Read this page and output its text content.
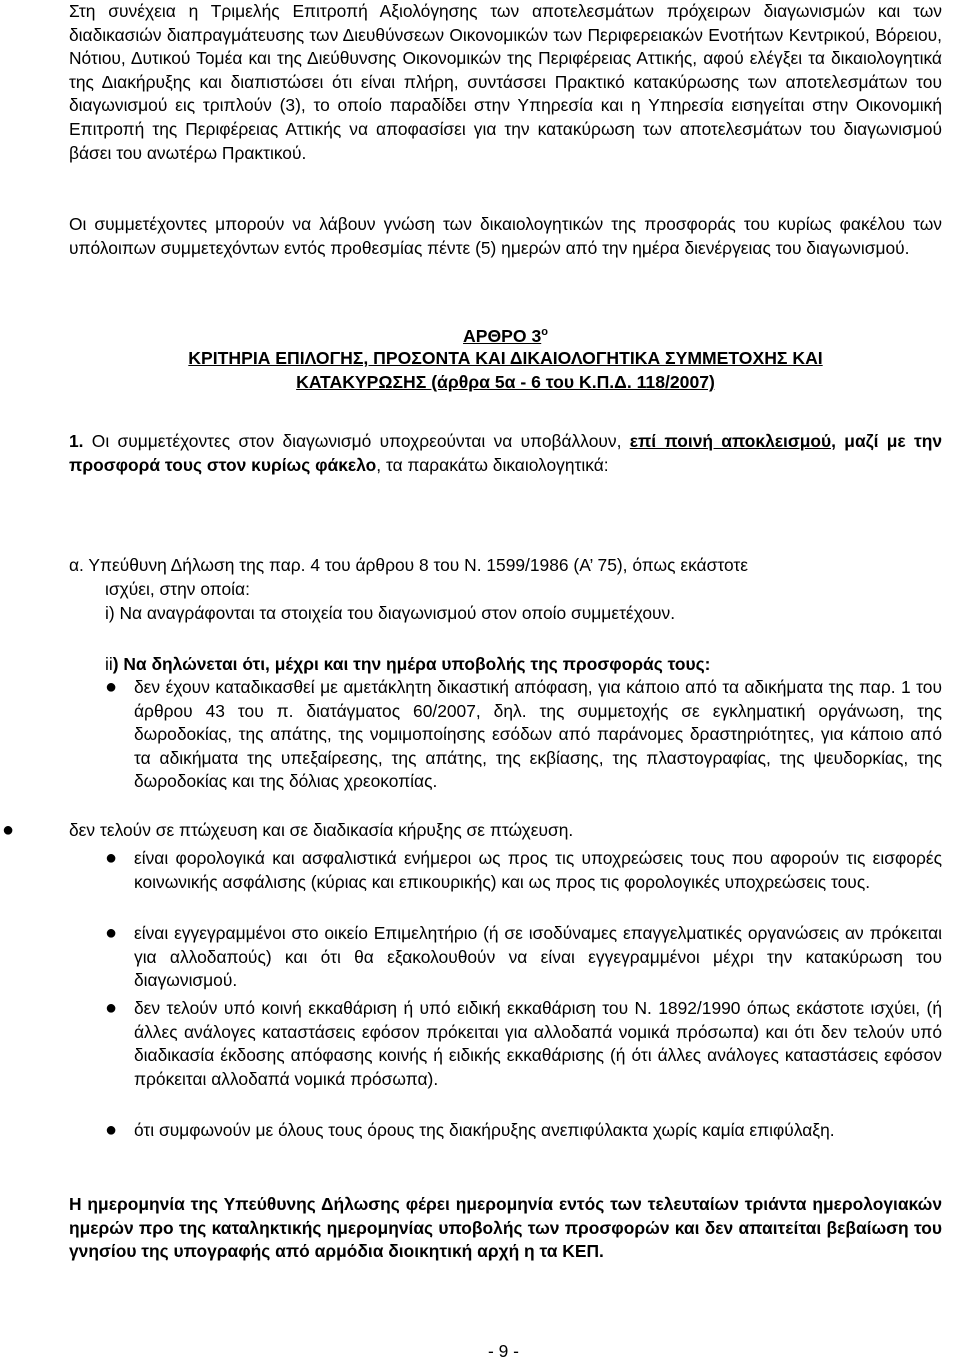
Στη συνέχεια η Τριμελής Επιτροπή Αξιολόγησης των αποτελεσμάτων πρόχειρων διαγωνισμών και των διαδικασιών διαπραγμάτευσης των Διευθύνσεων Οικονομικών των Περιφερειακών Ενοτήτων Κεντρικού, Βόρειου, Νότιου, Δυτικού Τομέα και της Διεύθυνσης Οικονομικών της Περιφέρειας Αττικής, αφού ελέγξει τα δικαιολογητικά της Διακήρυξης και διαπιστώσει ότι είναι πλήρη, συντάσσει Πρακτικό κατακύρωσης των αποτελεσμάτων του διαγωνισμού εις τριπλούν (3), το οποίο παραδίδει στην Υπηρεσία και η Υπηρεσία εισηγείται στην Οικονομική Επιτροπή της Περιφέρειας Αττικής να αποφασίσει για την κατακύρωση των αποτελεσμάτων του διαγωνισμού βάσει του ανωτέρω Πρακτικού.

Οι συμμετέχοντες μπορούν να λάβουν γνώση των δικαιολογητικών της προσφοράς του κυρίως φακέλου των υπόλοιπων συμμετεχόντων εντός προθεσμίας πέντε (5) ημερών από την ημέρα διενέργειας του διαγωνισμού.

ΑΡΘΡΟ $3^o$
ΚΡΙΤΗΡΙΑ ΕΠΙΛΟΓΗΣ, ΠΡΟΣΟΝΤΑ ΚΑΙ ΔΙΚΑΙΟΛΟΓΗΤΙΚΑ ΣΥΜΜΕΤΟΧΗΣ ΚΑΙ
ΚΑΤΑΚΥΡΩΣΗΣ (άρθρα 5α - 6 του Κ.Π.Δ. 118/2007)

1. Οι συμμετέχοντες στον διαγωνισμό υποχρεούνται να υποβάλλουν, επί ποινή αποκλεισμού, μαζί με την προσφορά τους στον κυρίως φάκελο, τα παρακάτω δικαιολογητικά:

α. Υπεύθυνη Δήλωση της παρ. 4 του άρθρου 8 του Ν. 1599/1986 (Α’ 75), όπως εκάστοτε

ισχύει, στην οποία:

i) Να αναγράφονται τα στοιχεία του διαγωνισμού στον οποίο συμμετέχουν.

ii) Να δηλώνεται ότι, μέχρι και την ημέρα υποβολής της προσφοράς τους:

● δεν έχουν καταδικασθεί με αμετάκλητη δικαστική απόφαση, για κάποιο από τα αδικήματα της παρ. 1 του άρθρου 43 του π. διατάγματος 60/2007, δηλ. της συμμετοχής σε εγκληματική οργάνωση, της δωροδοκίας, της απάτης, της νομιμοποίησης εσόδων από παράνομες δραστηριότητες, για κάποιο από τα αδικήματα της υπεξαίρεσης, της απάτης, της εκβίασης, της πλαστογραφίας, της ψευδορκίας, της δωροδοκίας και της δόλιας χρεοκοπίας.

●	δεν τελούν σε πτώχευση και σε διαδικασία κήρυξης σε πτώχευση.

● είναι φορολογικά και ασφαλιστικά ενήμεροι ως προς τις υποχρεώσεις τους που αφορούν τις εισφορές κοινωνικής ασφάλισης (κύριας και επικουρικής) και ως προς τις φορολογικές υποχρεώσεις τους.

● είναι εγγεγραμμένοι στο οικείο Επιμελητήριο (ή σε ισοδύναμες επαγγελματικές οργανώσεις αν πρόκειται για αλλοδαπούς) και ότι θα εξακολουθούν να είναι εγγεγραμμένοι μέχρι την κατακύρωση του διαγωνισμού.

● δεν τελούν υπό κοινή εκκαθάριση ή υπό ειδική εκκαθάριση του Ν. 1892/1990 όπως εκάστοτε ισχύει, (ή άλλες ανάλογες καταστάσεις εφόσον πρόκειται για αλλοδαπά νομικά πρόσωπα) και ότι δεν τελούν υπό διαδικασία έκδοσης απόφασης κοινής ή ειδικής εκκαθάρισης (ή ότι άλλες ανάλογες καταστάσεις εφόσον πρόκειται αλλοδαπά νομικά πρόσωπα).

● ότι συμφωνούν με όλους τους όρους της διακήρυξης ανεπιφύλακτα χωρίς καμία επιφύλαξη.

Η ημερομηνία της Υπεύθυνης Δήλωσης φέρει ημερομηνία εντός των τελευταίων τριάντα ημερολογιακών ημερών προ της καταληκτικής ημερομηνίας υποβολής των προσφορών και δεν απαιτείται βεβαίωση του γνησίου της υπογραφής από αρμόδια διοικητική αρχή η τα ΚΕΠ.

- 9 -
